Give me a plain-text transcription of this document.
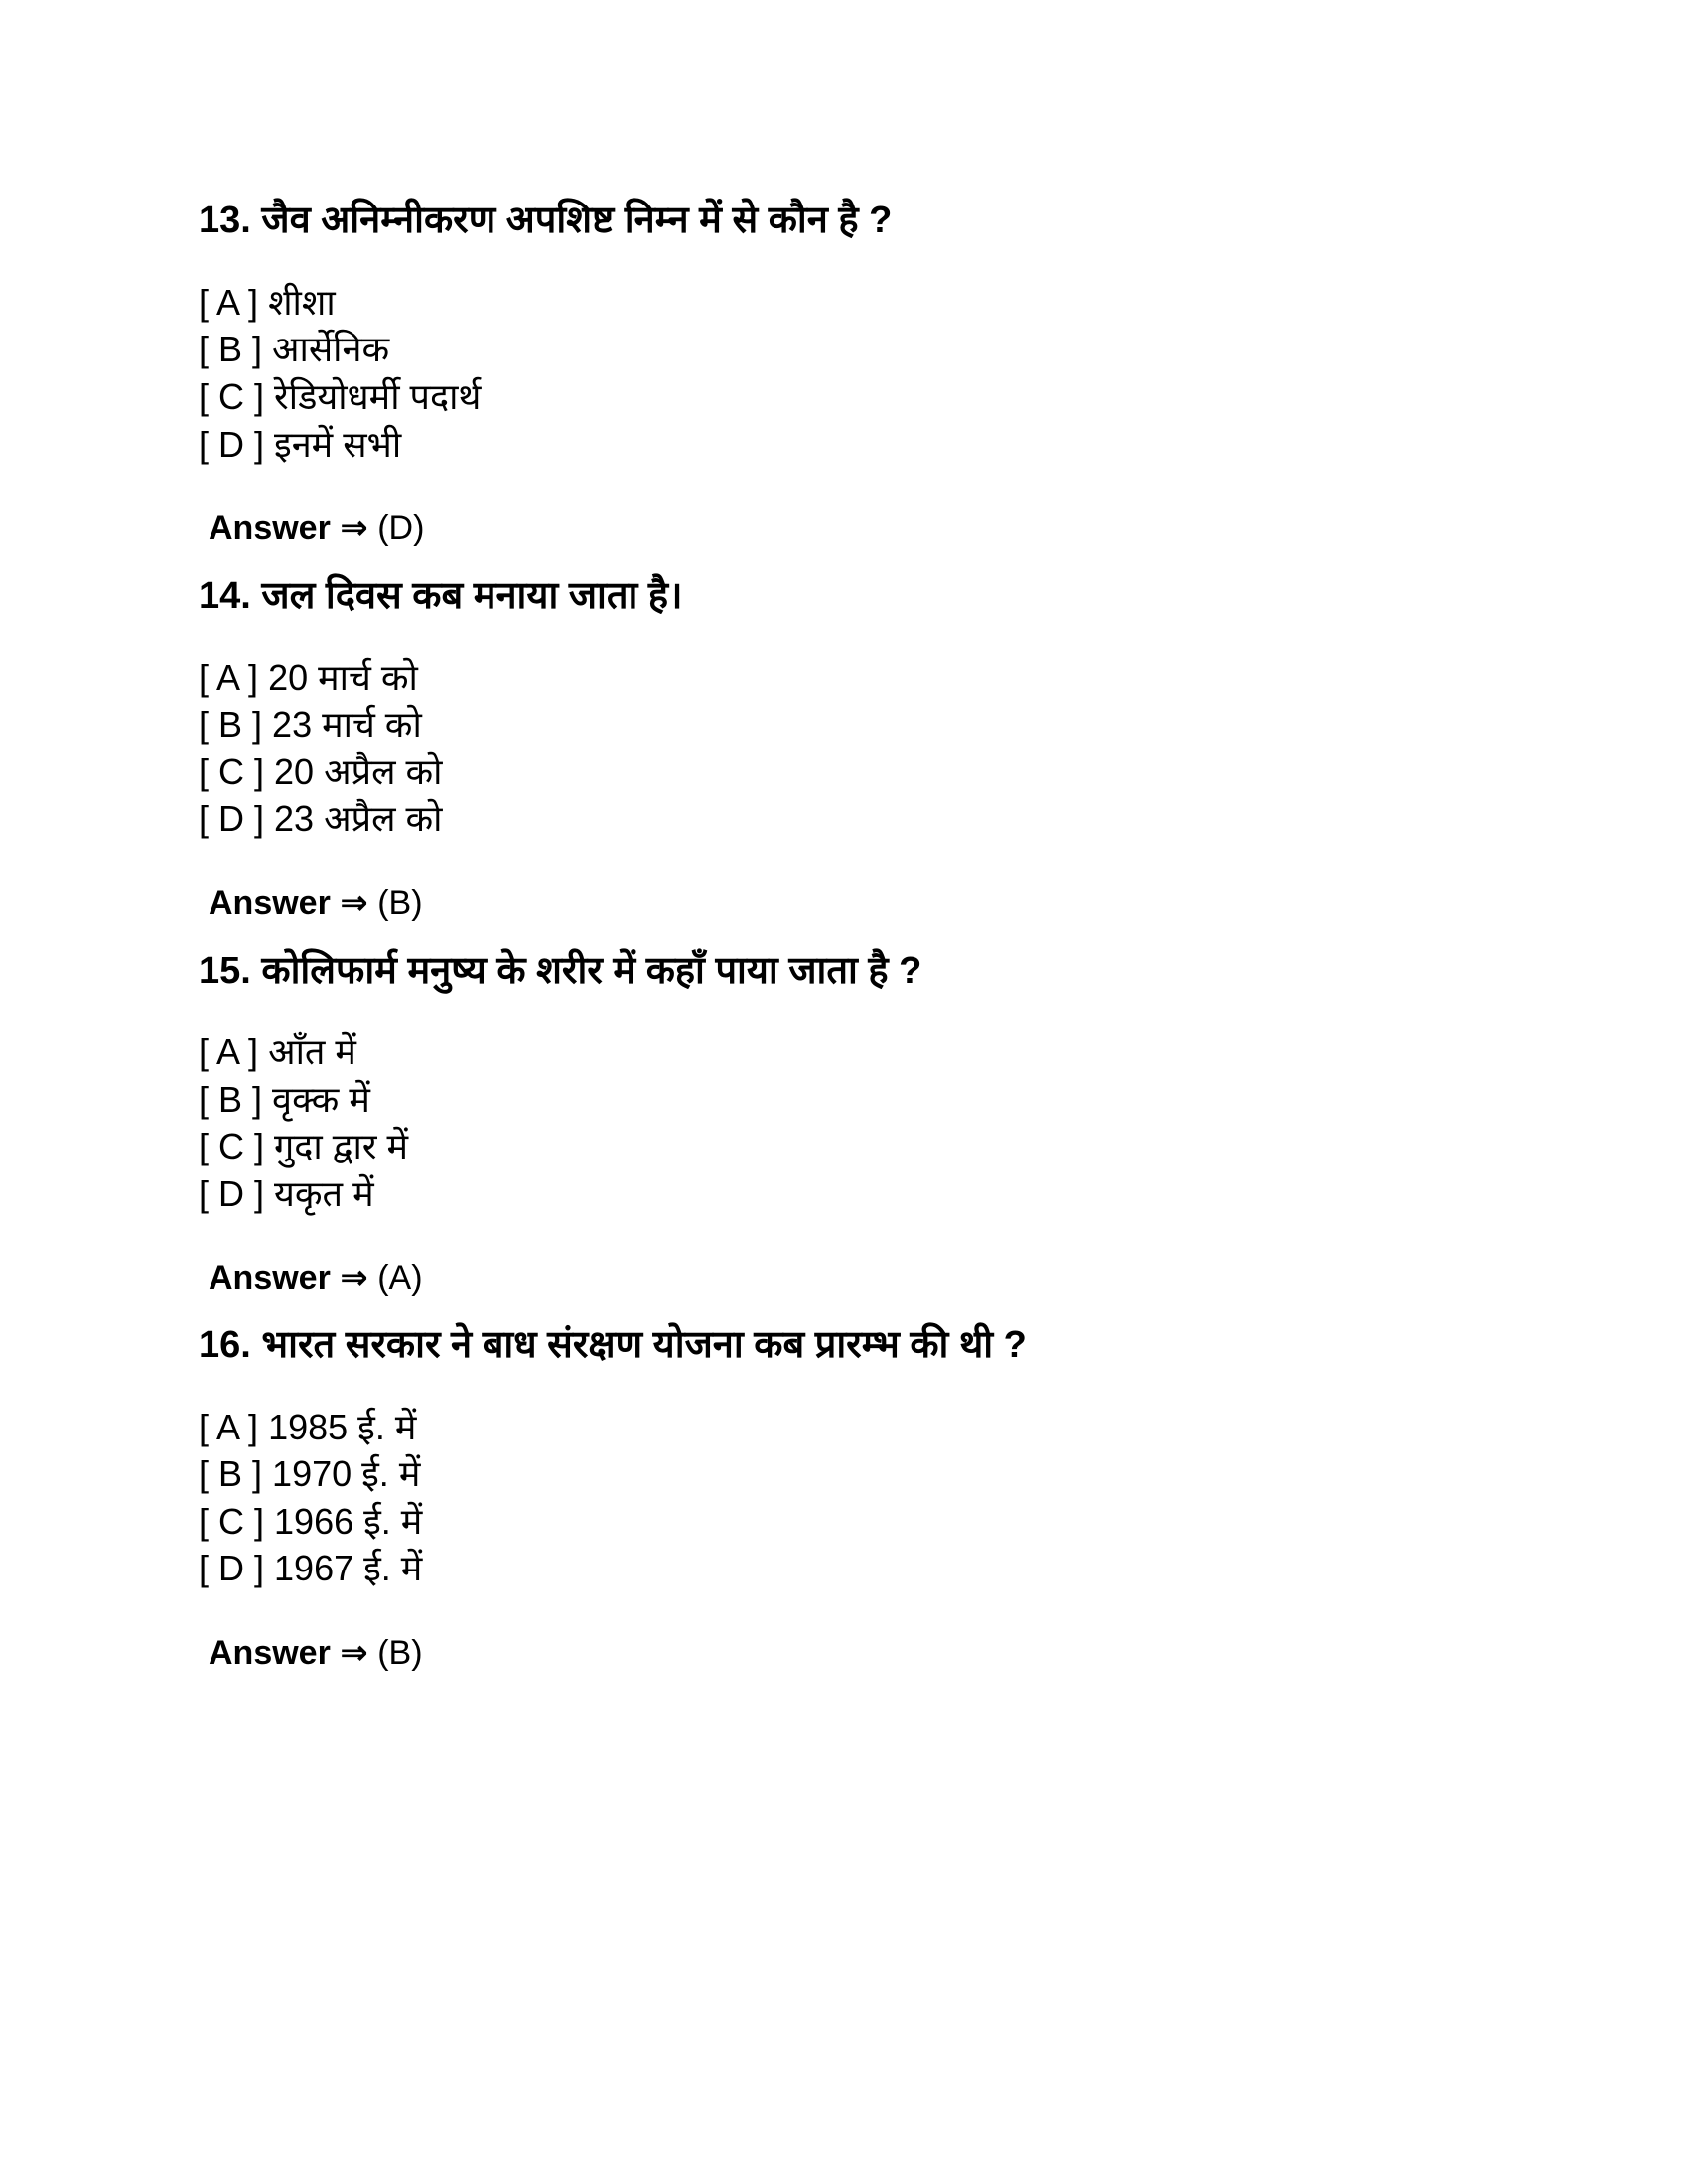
13. जैव अनिम्नीकरण अपशिष्ट निम्न में से कौन है ?
[ A ] शीशा
[ B ] आर्सेनिक
[ C ] रेडियोधर्मी पदार्थ
[ D ] इनमें सभी
Answer ⇒ (D)
14. जल दिवस कब मनाया जाता है।
[ A ] 20 मार्च को
[ B ] 23 मार्च को
[ C ] 20 अप्रैल को
[ D ] 23 अप्रैल को
Answer ⇒ (B)
15. कोलिफार्म मनुष्य के शरीर में कहाँ पाया जाता है ?
[ A ] आँत में
[ B ] वृक्क में
[ C ] गुदा द्वार में
[ D ] यकृत में
Answer ⇒ (A)
16. भारत सरकार ने बाध संरक्षण योजना कब प्रारम्भ की थी ?
[ A ] 1985 ई. में
[ B ] 1970 ई. में
[ C ] 1966 ई. में
[ D ] 1967 ई. में
Answer ⇒ (B)
